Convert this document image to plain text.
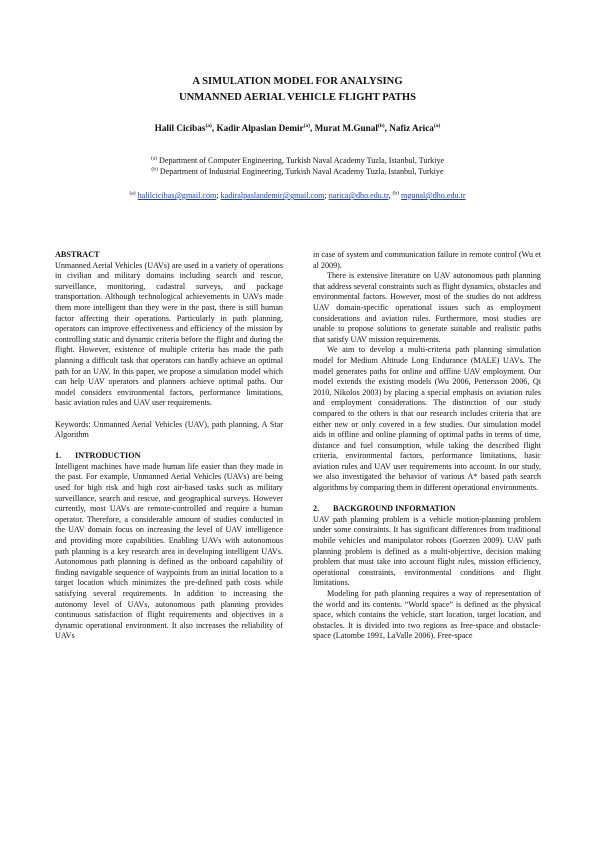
A SIMULATION MODEL FOR ANALYSING
UNMANNED AERIAL VEHICLE FLIGHT PATHS
Halil Cicibas$^{(a)}$, Kadir Alpaslan Demir$^{(a)}$, Murat M.Gunal$^{(b)}$, Nafiz Arica$^{(a)}$
$^{(a)}$ Department of Computer Engineering, Turkish Naval Academy Tuzla, Istanbul, Turkiye
$^{(b)}$ Department of Industrial Engineering, Turkish Naval Academy Tuzla, Istanbul, Turkiye
$^{(a)}$ halilcicibas@gmail.com; kadiralpaslandemir@gmail.com; narica@dho.edu.tr, $^{(b)}$ mgunal@dho.edu.tr
ABSTRACT

Unmanned Aerial Vehicles (UAVs) are used in a variety of operations in civilian and military domains including search and rescue, surveillance, monitoring, cadastral surveys, and package transportation. Although technological achievements in UAVs made them more intelligent than they were in the past, there is still human factor affecting their operations. Particularly in path planning, operators can improve effectiveness and efficiency of the mission by controlling static and dynamic criteria before the flight and during the flight. However, existence of multiple criteria has made the path planning a difficult task that operators can hardly achieve an optimal path for an UAV. In this paper, we propose a simulation model which can help UAV operators and planners achieve optimal paths. Our model considers environmental factors, performance limitations, basic aviation rules and UAV user requirements.

Keywords: Unmanned Aerial Vehicles (UAV), path planning, A Star Algorithm

1. INTRODUCTION

Intelligent machines have made human life easier than they made in the past. For example, Unmanned Aerial Vehicles (UAVs) are being used for high risk and high cost air-based tasks such as military surveillance, search and rescue, and geographical surveys. However currently, most UAVs are remote-controlled and require a human operator. Therefore, a considerable amount of studies conducted in the UAV domain focus on increasing the level of UAV intelligence and providing more capabilities. Enabling UAVs with autonomous path planning is a key research area in developing intelligent UAVs. Autonomous path planning is defined as the onboard capability of finding navigable sequence of waypoints from an initial location to a target location which minimizes the pre-defined path costs while satisfying several requirements. In addition to increasing the autonomy level of UAVs, autonomous path planning provides continuous satisfaction of flight requirements and objectives in a dynamic operational environment. It also increases the reliability of UAVs

in case of system and communication failure in remote control (Wu et al 2009).

There is extensive literature on UAV autonomous path planning that address several constraints such as flight dynamics, obstacles and environmental factors. However, most of the studies do not address UAV domain-specific operational issues such as employment considerations and aviation rules. Furthermore, most studies are unable to propose solutions to generate suitable and realistic paths that satisfy UAV mission requirements.

We aim to develop a multi-criteria path planning simulation model for Medium Altitude Long Endurance (MALE) UAVs. The model generates paths for online and offline UAV employment. Our model extends the existing models (Wu 2006, Pettersson 2006, Qi 2010, Nikolos 2003) by placing a special emphasis on aviation rules and employment considerations. The distinction of our study compared to the others is that our research includes criteria that are either new or only covered in a few studies. Our simulation model aids in offline and online planning of optimal paths in terms of time, distance and fuel consumption, while taking the described flight criteria, environmental factors, performance limitations, basic aviation rules and UAV user requirements into account. In our study, we also investigated the behavior of various A* based path search algorithms by comparing them in different operational environments.

2. BACKGROUND INFORMATION

UAV path planning problem is a vehicle motion-planning problem under some constraints. It has significant differences from traditional mobile vehicles and manipulator robots (Goerzen 2009). UAV path planning problem is defined as a multi-objective, decision making problem that must take into account flight rules, mission efficiency, operational constraints, environmental conditions and flight limitations.

Modeling for path planning requires a way of representation of the world and its contents. “World space” is defined as the physical space, which contains the vehicle, start location, target location, and obstacles. It is divided into two regions as free-space and obstacle-space (Latombe 1991, LaValle 2006). Free-space
